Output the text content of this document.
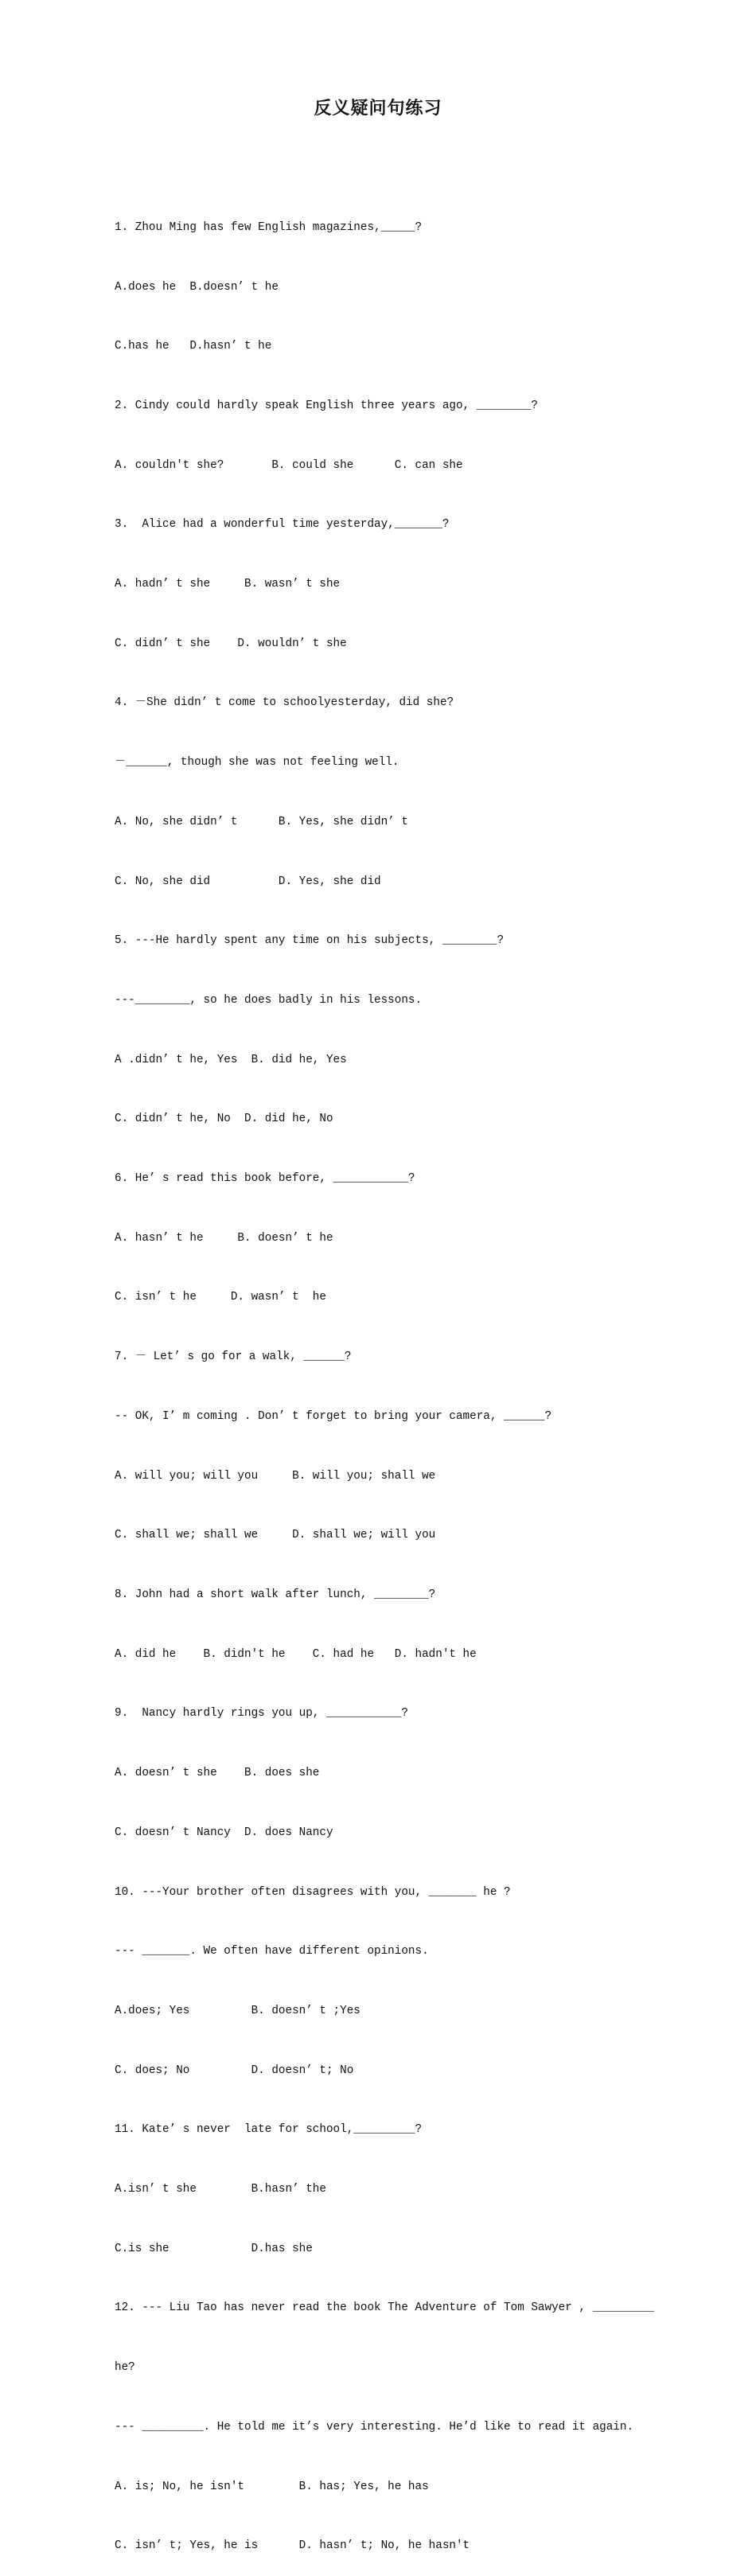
反义疑问句练习

1. Zhou Ming has few English magazines,_____?

A.does he  B.doesn’ t he

C.has he   D.hasn’ t he

2. Cindy could hardly speak English three years ago, ________?

A. couldn't she?       B. could she      C. can she

3.  Alice had a wonderful time yesterday,_______?

A. hadn’ t she     B. wasn’ t she

C. didn’ t she    D. wouldn’ t she

4. －She didn’ t come to schoolyesterday, did she?

－______, though she was not feeling well.

A. No, she didn’ t      B. Yes, she didn’ t

C. No, she did          D. Yes, she did

5. ---He hardly spent any time on his subjects, ________?

---________, so he does badly in his lessons.

A .didn’ t he, Yes  B. did he, Yes

C. didn’ t he, No  D. did he, No

6. He’ s read this book before, ___________?

A. hasn’ t he     B. doesn’ t he

C. isn’ t he     D. wasn’ t  he

7. － Let’ s go for a walk, ______?

-- OK, I’ m coming . Don’ t forget to bring your camera, ______?

A. will you; will you     B. will you; shall we

C. shall we; shall we     D. shall we; will you

8. John had a short walk after lunch, ________?

A. did he    B. didn't he    C. had he   D. hadn't he

9.  Nancy hardly rings you up, ___________?

A. doesn’ t she    B. does she

C. doesn’ t Nancy  D. does Nancy

10. ---Your brother often disagrees with you, _______ he ?

--- _______. We often have different opinions.

A.does; Yes         B. doesn’ t ;Yes

C. does; No         D. doesn’ t; No

11. Kate’ s never  late for school,_________?

A.isn’ t she        B.hasn’ the

C.is she            D.has she

12. --- Liu Tao has never read the book The Adventure of Tom Sawyer , _________

he?

--- _________. He told me it’s very interesting. He’d like to read it again.

A. is; No, he isn't        B. has; Yes, he has

C. isn’ t; Yes, he is      D. hasn’ t; No, he hasn't
